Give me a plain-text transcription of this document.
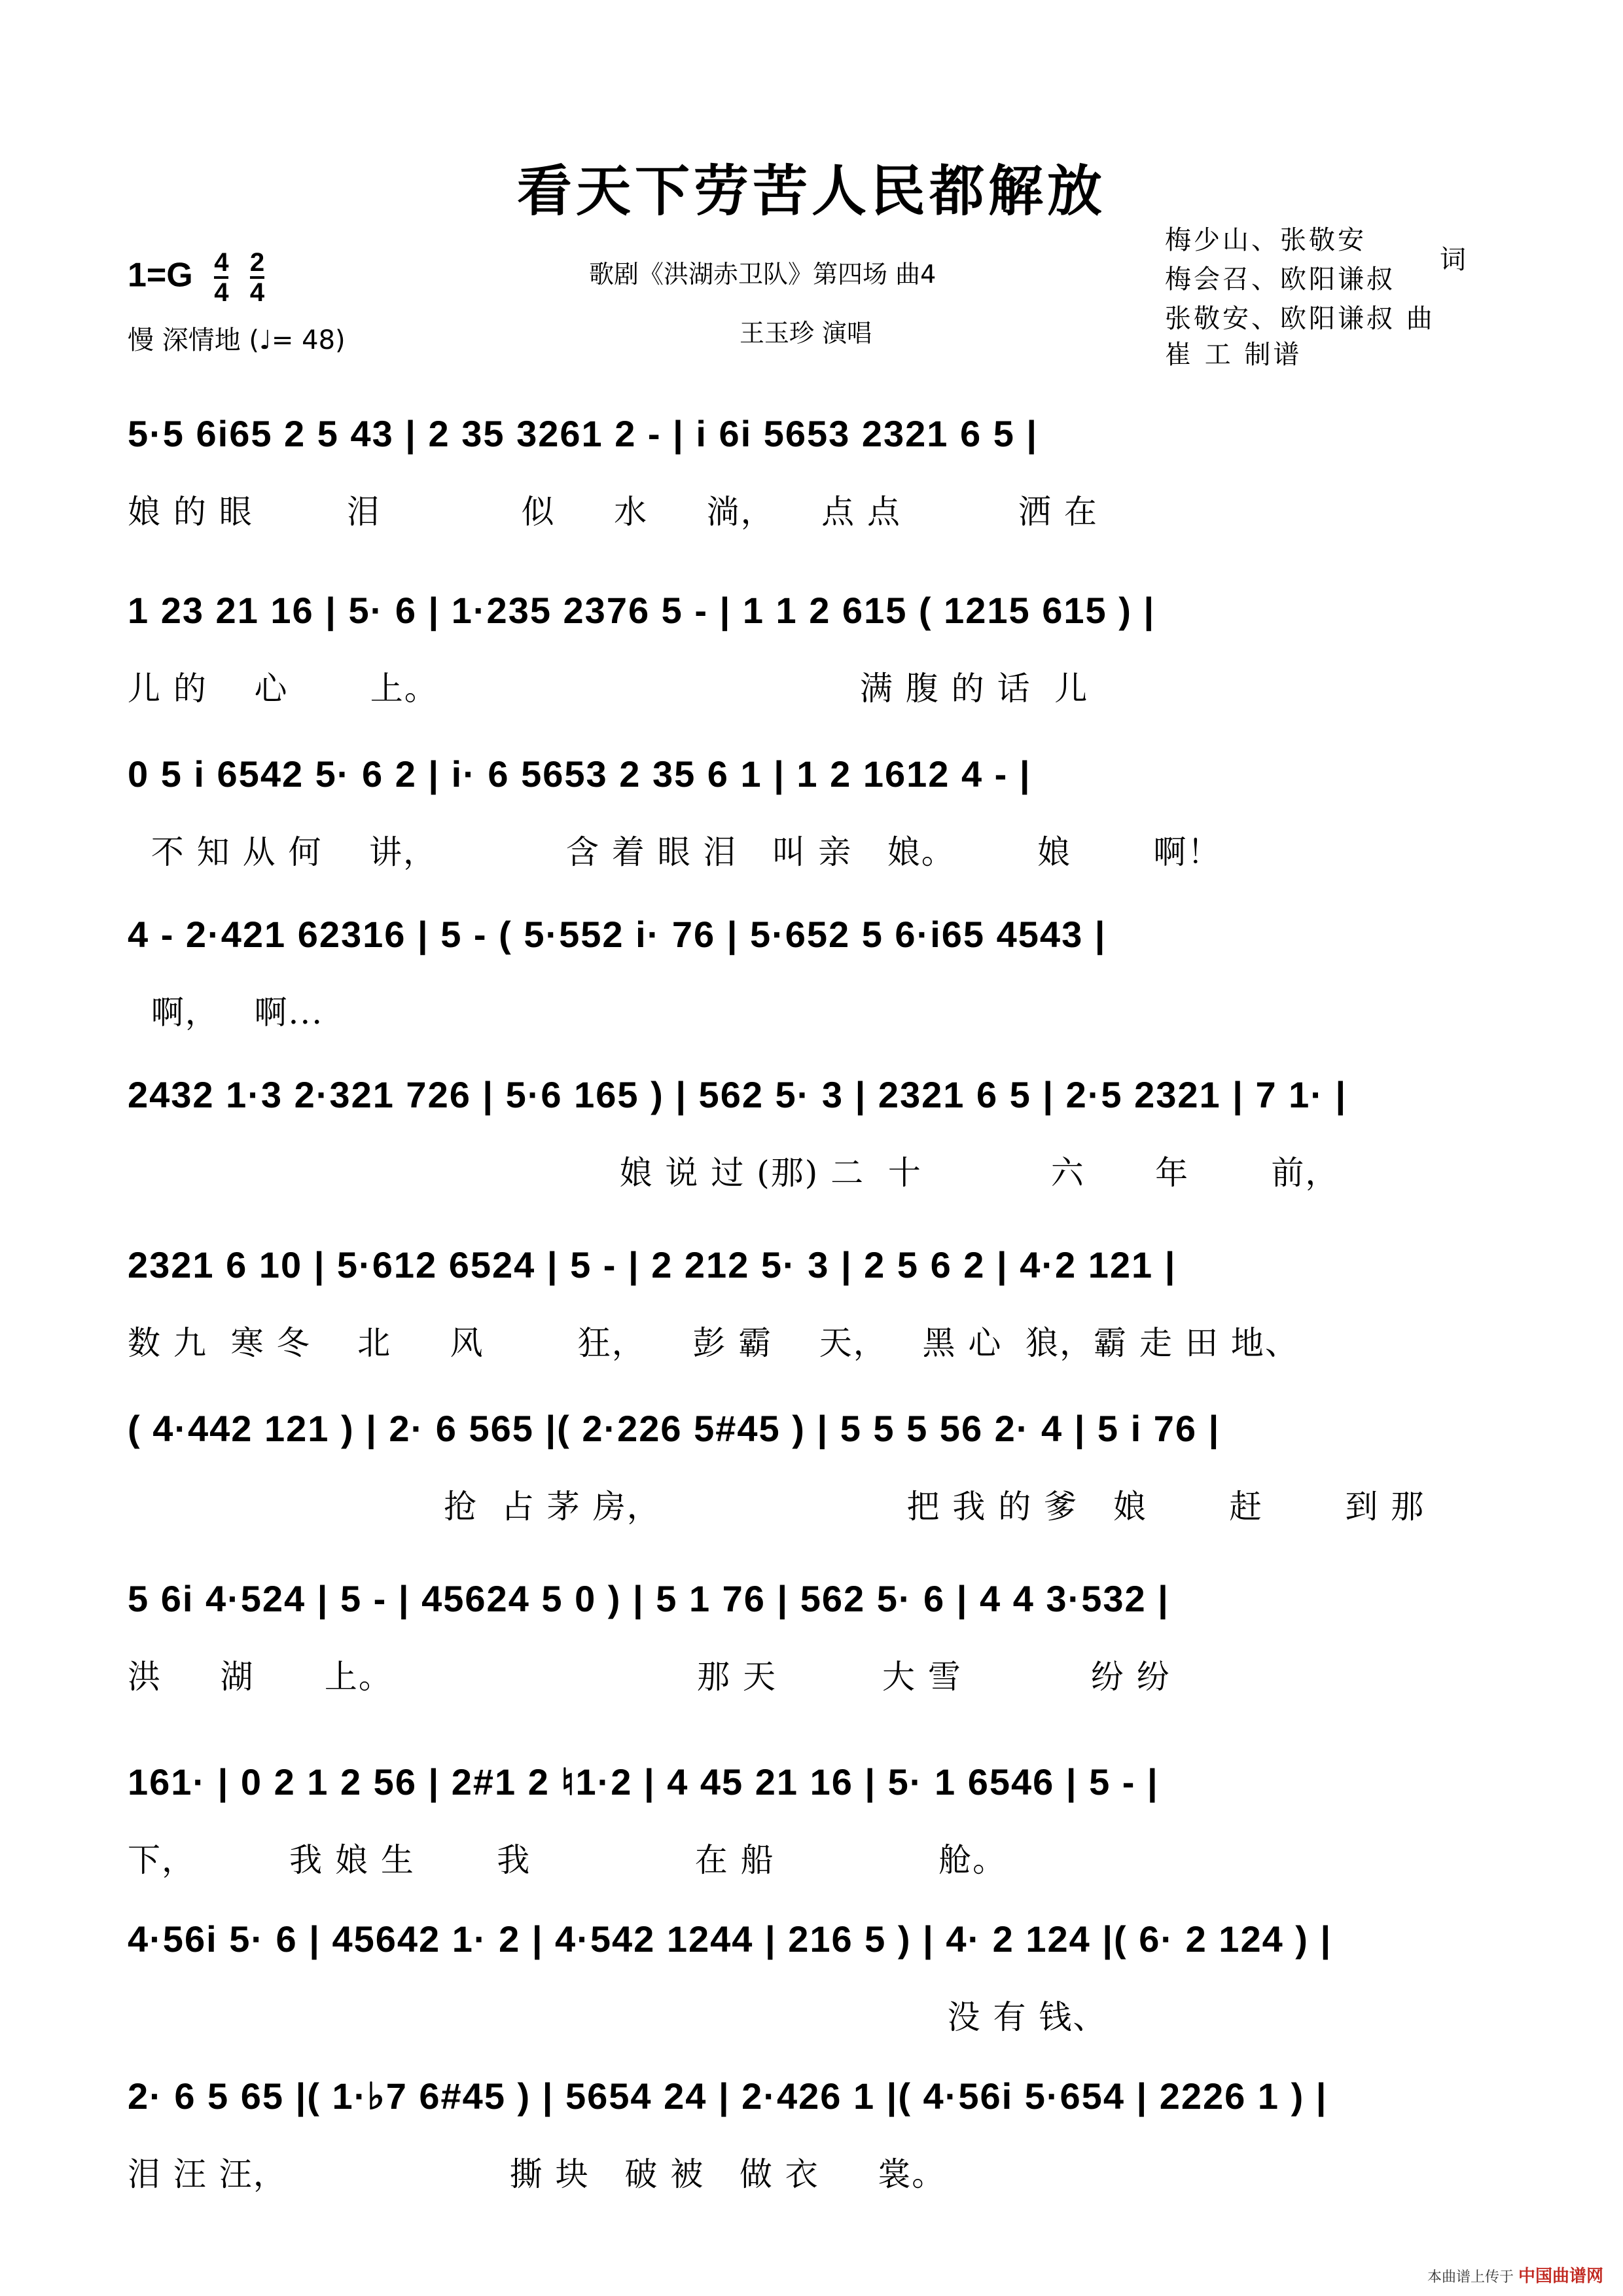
看天下劳苦人民都解放
$1=G \frac{4}{4}$
$\frac{2}{4}$
慢 深情地 (♩= 48)
歌剧《洪湖赤卫队》第四场 曲4
王玉珍 演唱
梅少山、张敬安
梅会召、欧阳谦叔
词
张敬安、欧阳谦叔 曲
崔 工 制谱
5·5 6i65 2 5 43 | 2 35 3261 2 - | i 6i 5653 2321 6 5 |
娘 的 眼        泪            似     水     淌，    点 点          洒 在
1 23 21 16 | 5· 6 | 1·235 2376 5 - | 1 1 2 615 ( 1215 615 ) |
儿 的    心       上。                                    满 腹 的 话  儿
0 5 i 6542 5· 6 2 | i· 6 5653 2 35 6 1 | 1 2 1612 4 - |
不 知 从 何    讲，           含 着 眼 泪   叫 亲   娘。       娘       啊！
4 - 2·421 62316 | 5 - ( 5·552 i· 76 | 5·652 5 6·i65 4543 |
啊，   啊...
2432 1·3 2·321 726 | 5·6 165 ) | 562 5· 3 | 2321 6 5 | 2·5 2321 | 7 1· |
娘 说 过 (那) 二  十           六      年       前，
2321 6 10 | 5·612 6524 | 5 - | 2 212 5· 3 | 2 5 6 2 | 4·2 121 |
数 九  寒 冬    北     风        狂，    彭 霸    天，   黑 心  狼，霸 走 田 地、
( 4·442 121 ) | 2· 6 565 |( 2·226 5#45 ) | 5 5 5 56 2· 4 | 5 i 76 |
抢  占 茅 房，                     把 我 的 爹   娘       赶       到 那
5 6i 4·524 | 5 - | 45624 5 0 ) | 5 1 76 | 562 5· 6 | 4 4 3·532 |
洪     湖      上。                          那 天         大 雪           纷 纷
161· | 0 2 1 2 56 | 2#1 2 ♮1·2 | 4 45 21 16 | 5· 1 6546 | 5 - |
下，        我 娘 生       我              在 船              舱。
4·56i 5· 6 | 45642 1· 2 | 4·542 1244 | 216 5 ) | 4· 2 124 |( 6· 2 124 ) |
没 有 钱、
2· 6 5 65 |( 1·♭7 6#45 ) | 5654 24 | 2·426 1 |( 4·56i 5·654 | 2226 1 ) |
泪 汪 汪，                   撕 块   破 被   做 衣     裳。
本曲谱上传于 中国曲谱网
